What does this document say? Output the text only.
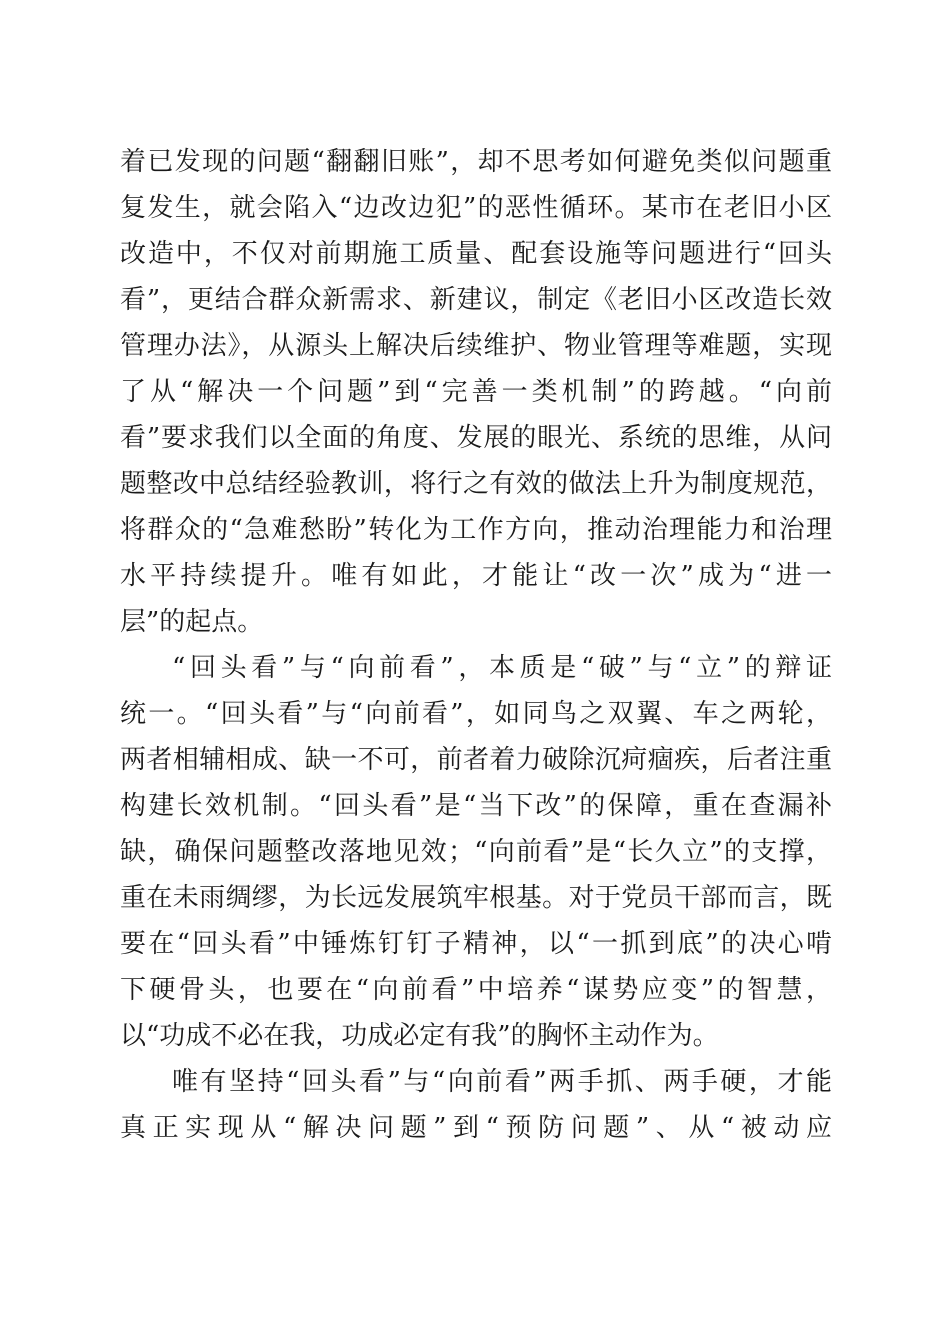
着已发现的问题“翻翻旧账”，却不思考如何避免类似问题重
复发生，就会陷入“边改边犯”的恶性循环。某市在老旧小区
改造中，不仅对前期施工质量、配套设施等问题进行“回头
看”，更结合群众新需求、新建议，制定《老旧小区改造长效
管理办法》，从源头上解决后续维护、物业管理等难题，实现
了从“解决一个问题”到“完善一类机制”的跨越。“向前
看”要求我们以全面的角度、发展的眼光、系统的思维，从问
题整改中总结经验教训，将行之有效的做法上升为制度规范，
将群众的“急难愁盼”转化为工作方向，推动治理能力和治理
水平持续提升。唯有如此，才能让“改一次”成为“进一
层”的起点。
“回头看”与“向前看”，本质是“破”与“立”的辩证
统一。“回头看”与“向前看”，如同鸟之双翼、车之两轮，
两者相辅相成、缺一不可，前者着力破除沉疴痼疾，后者注重
构建长效机制。“回头看”是“当下改”的保障，重在查漏补
缺，确保问题整改落地见效；“向前看”是“长久立”的支撑，
重在未雨绸缪，为长远发展筑牢根基。对于党员干部而言，既
要在“回头看”中锤炼钉钉子精神，以“一抓到底”的决心啃
下硬骨头，也要在“向前看”中培养“谋势应变”的智慧，
以“功成不必在我，功成必定有我”的胸怀主动作为。
唯有坚持“回头看”与“向前看”两手抓、两手硬，才能
真正实现从“解决问题”到“预防问题”、从“被动应
